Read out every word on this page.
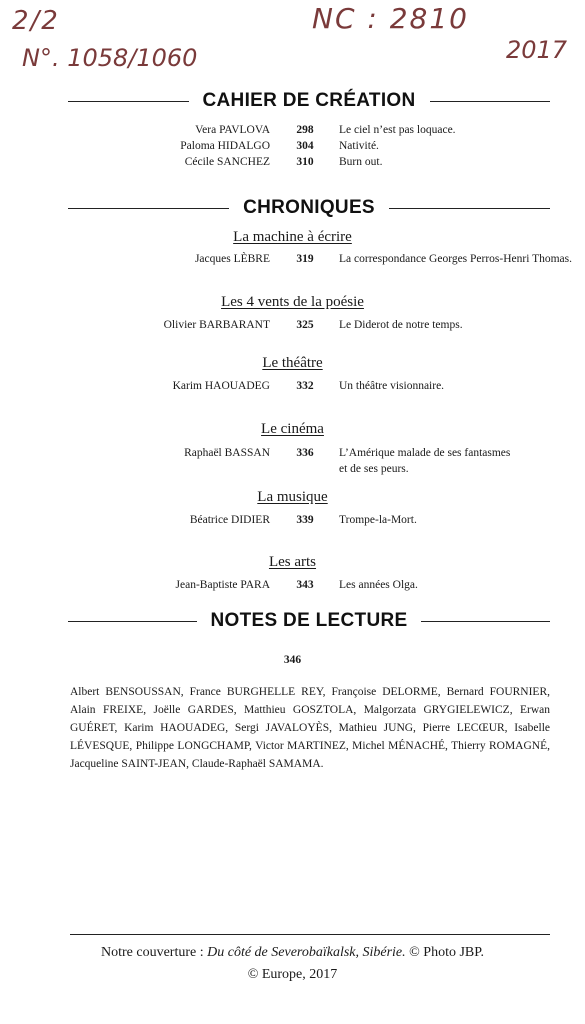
2/2
N°. 1058/1060
NC : 2810
2017
CAHIER DE CRÉATION
Vera PAVLOVA	298	Le ciel n’est pas loquace.
Paloma HIDALGO	304	Nativité.
Cécile SANCHEZ	310	Burn out.
CHRONIQUES
La machine à écrire
Jacques LÈBRE	319	La correspondance Georges Perros-Henri Thomas.
Les 4 vents de la poésie
Olivier BARBARANT	325	Le Diderot de notre temps.
Le théâtre
Karim HAOUADEG	332	Un théâtre visionnaire.
Le cinéma
Raphaël BASSAN	336	L’Amérique malade de ses fantasmes
et de ses peurs.
La musique
Béatrice DIDIER	339	Trompe-la-Mort.
Les arts
Jean-Baptiste PARA	343	Les années Olga.
NOTES DE LECTURE
346
Albert BENSOUSSAN, France BURGHELLE REY, Françoise DELORME, Bernard FOURNIER, Alain FREIXE, Joëlle GARDES, Matthieu GOSZTOLA, Malgorzata GRYGIELEWICZ, Erwan GUÉRET, Karim HAOUADEG, Sergi JAVALOYÈS, Mathieu JUNG, Pierre LECŒUR, Isabelle LÉVESQUE, Philippe LONGCHAMP, Victor MARTINEZ, Michel MÉNACHÉ, Thierry ROMAGNÉ, Jacqueline SAINT-JEAN, Claude-Raphaël SAMAMA.
Notre couverture : Du côté de Severobaïkalsk, Sibérie. © Photo JBP.
© Europe, 2017
